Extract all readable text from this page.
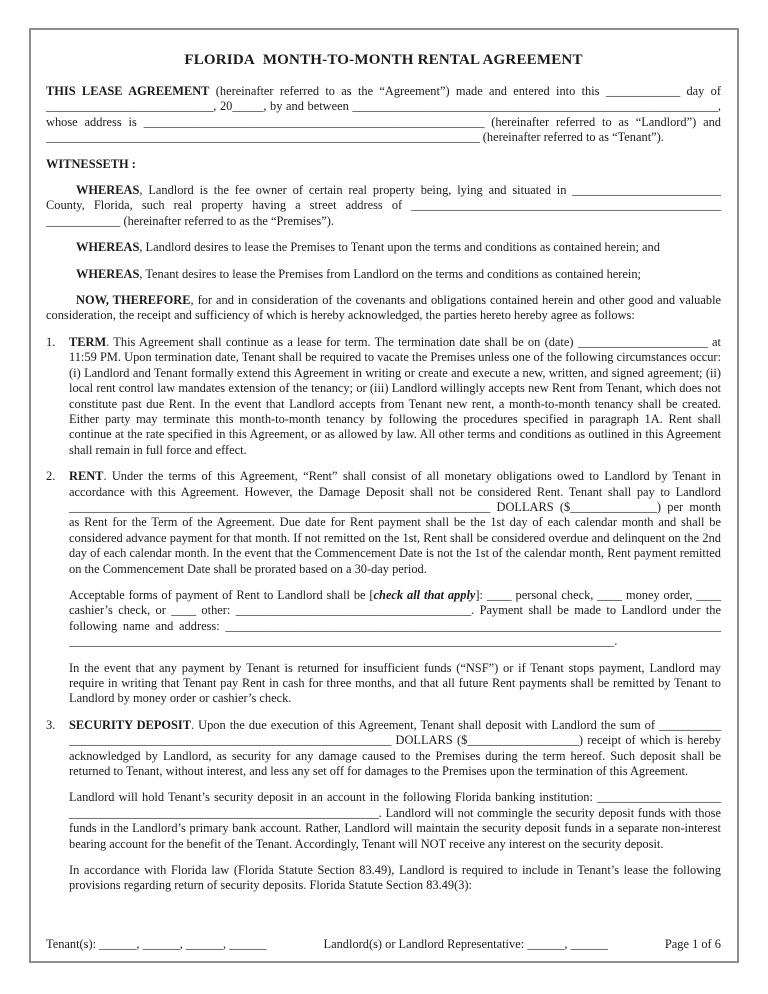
FLORIDA  MONTH-TO-MONTH RENTAL AGREEMENT

THIS LEASE AGREEMENT (hereinafter referred to as the “Agreement”) made and entered into this ____________ day of __________​__________​_______, 20_____, by and between __________​__________​__________​__________​__________​_________, whose address is __________​__________​__________​__________​__________​_____ (hereinafter referred to as “Landlord”) and __________​__________​__________​__________​__________​__________​__________ (hereinafter referred to as “Tenant”).

WITNESSETH :

WHEREAS, Landlord is the fee owner of certain real property being, lying and situated in __________​__________​____ County, Florida, such real property having a street address of __________​__________​__________​__________​__________​__________​__ (hereinafter referred to as the “Premises”).

WHEREAS, Landlord desires to lease the Premises to Tenant upon the terms and conditions as contained herein; and

WHEREAS, Tenant desires to lease the Premises from Landlord on the terms and conditions as contained herein;

NOW, THEREFORE, for and in consideration of the covenants and obligations contained herein and other good and valuable consideration, the receipt and sufficiency of which is hereby acknowledged, the parties hereto hereby agree as follows:

1.	TERM. This Agreement shall continue as a lease for term. The termination date shall be on (date) __________​___________ at 11:59 PM. Upon termination date, Tenant shall be required to vacate the Premises unless one of the following circumstances occur: (i) Landlord and Tenant formally extend this Agreement in writing or create and execute a new, written, and signed agreement; (ii) local rent control law mandates extension of the tenancy; or (iii) Landlord willingly accepts new Rent from Tenant, which does not constitute past due Rent. In the event that Landlord accepts from Tenant new rent, a month-to-month tenancy shall be created. Either party may terminate this month-to-month tenancy by following the procedures specified in paragraph 1A. Rent shall continue at the rate specified in this Agreement, or as allowed by law. All other terms and conditions as outlined in this Agreement shall remain in full force and effect.

2.	RENT. Under the terms of this Agreement, “Rent” shall consist of all monetary obligations owed to Landlord by Tenant in accordance with this Agreement. However, the Damage Deposit shall not be considered Rent. Tenant shall pay to Landlord __________​__________​__________​__________​__________​__________​________ DOLLARS ($______________) per month as Rent for the Term of the Agreement. Due date for Rent payment shall be the 1st day of each calendar month and shall be considered advance payment for that month. If not remitted on the 1st, Rent shall be considered overdue and delinquent on the 2nd day of each calendar month. In the event that the Commencement Date is not the 1st of the calendar month, Rent payment remitted on the Commencement Date shall be prorated based on a 30-day period.

Acceptable forms of payment of Rent to Landlord shall be [check all that apply]: ____ personal check, ____ money order, ____ cashier’s check, or ____ other: __________​__________​__________​________. Payment shall be made to Landlord under the following name and address: __________​__________​__________​__________​__________​__________​__________​__________​__________​__________​__________​__________​__________​__________​__________​__________​________.

In the event that any payment by Tenant is returned for insufficient funds (“NSF”) or if Tenant stops payment, Landlord may require in writing that Tenant pay Rent in cash for three months, and that all future Rent payments shall be remitted by Tenant to Landlord by money order or cashier’s check.

3.	SECURITY DEPOSIT. Upon the due execution of this Agreement, Tenant shall deposit with Landlord the sum of __________​__________​__________​__________​__________​____________ DOLLARS ($__________________) receipt of which is hereby acknowledged by Landlord, as security for any damage caused to the Premises during the term hereof. Such deposit shall be returned to Tenant, without interest, and less any set off for damages to the Premises upon the termination of this Agreement.

Landlord will hold Tenant’s security deposit in an account in the following Florida banking institution: __________​__________​__________​__________​__________​__________​__________. Landlord will not commingle the security deposit funds with those funds in the Landlord’s primary bank account. Rather, Landlord will maintain the security deposit funds in a separate non-interest bearing account for the benefit of the Tenant. Accordingly, Tenant will NOT receive any interest on the security deposit.

In accordance with Florida law (Florida Statute Section 83.49), Landlord is required to include in Tenant’s lease the following provisions regarding return of security deposits. Florida Statute Section 83.49(3):

Tenant(s): ______, ______, ______, ______	Landlord(s) or Landlord Representative: ______, ______	Page 1 of 6
